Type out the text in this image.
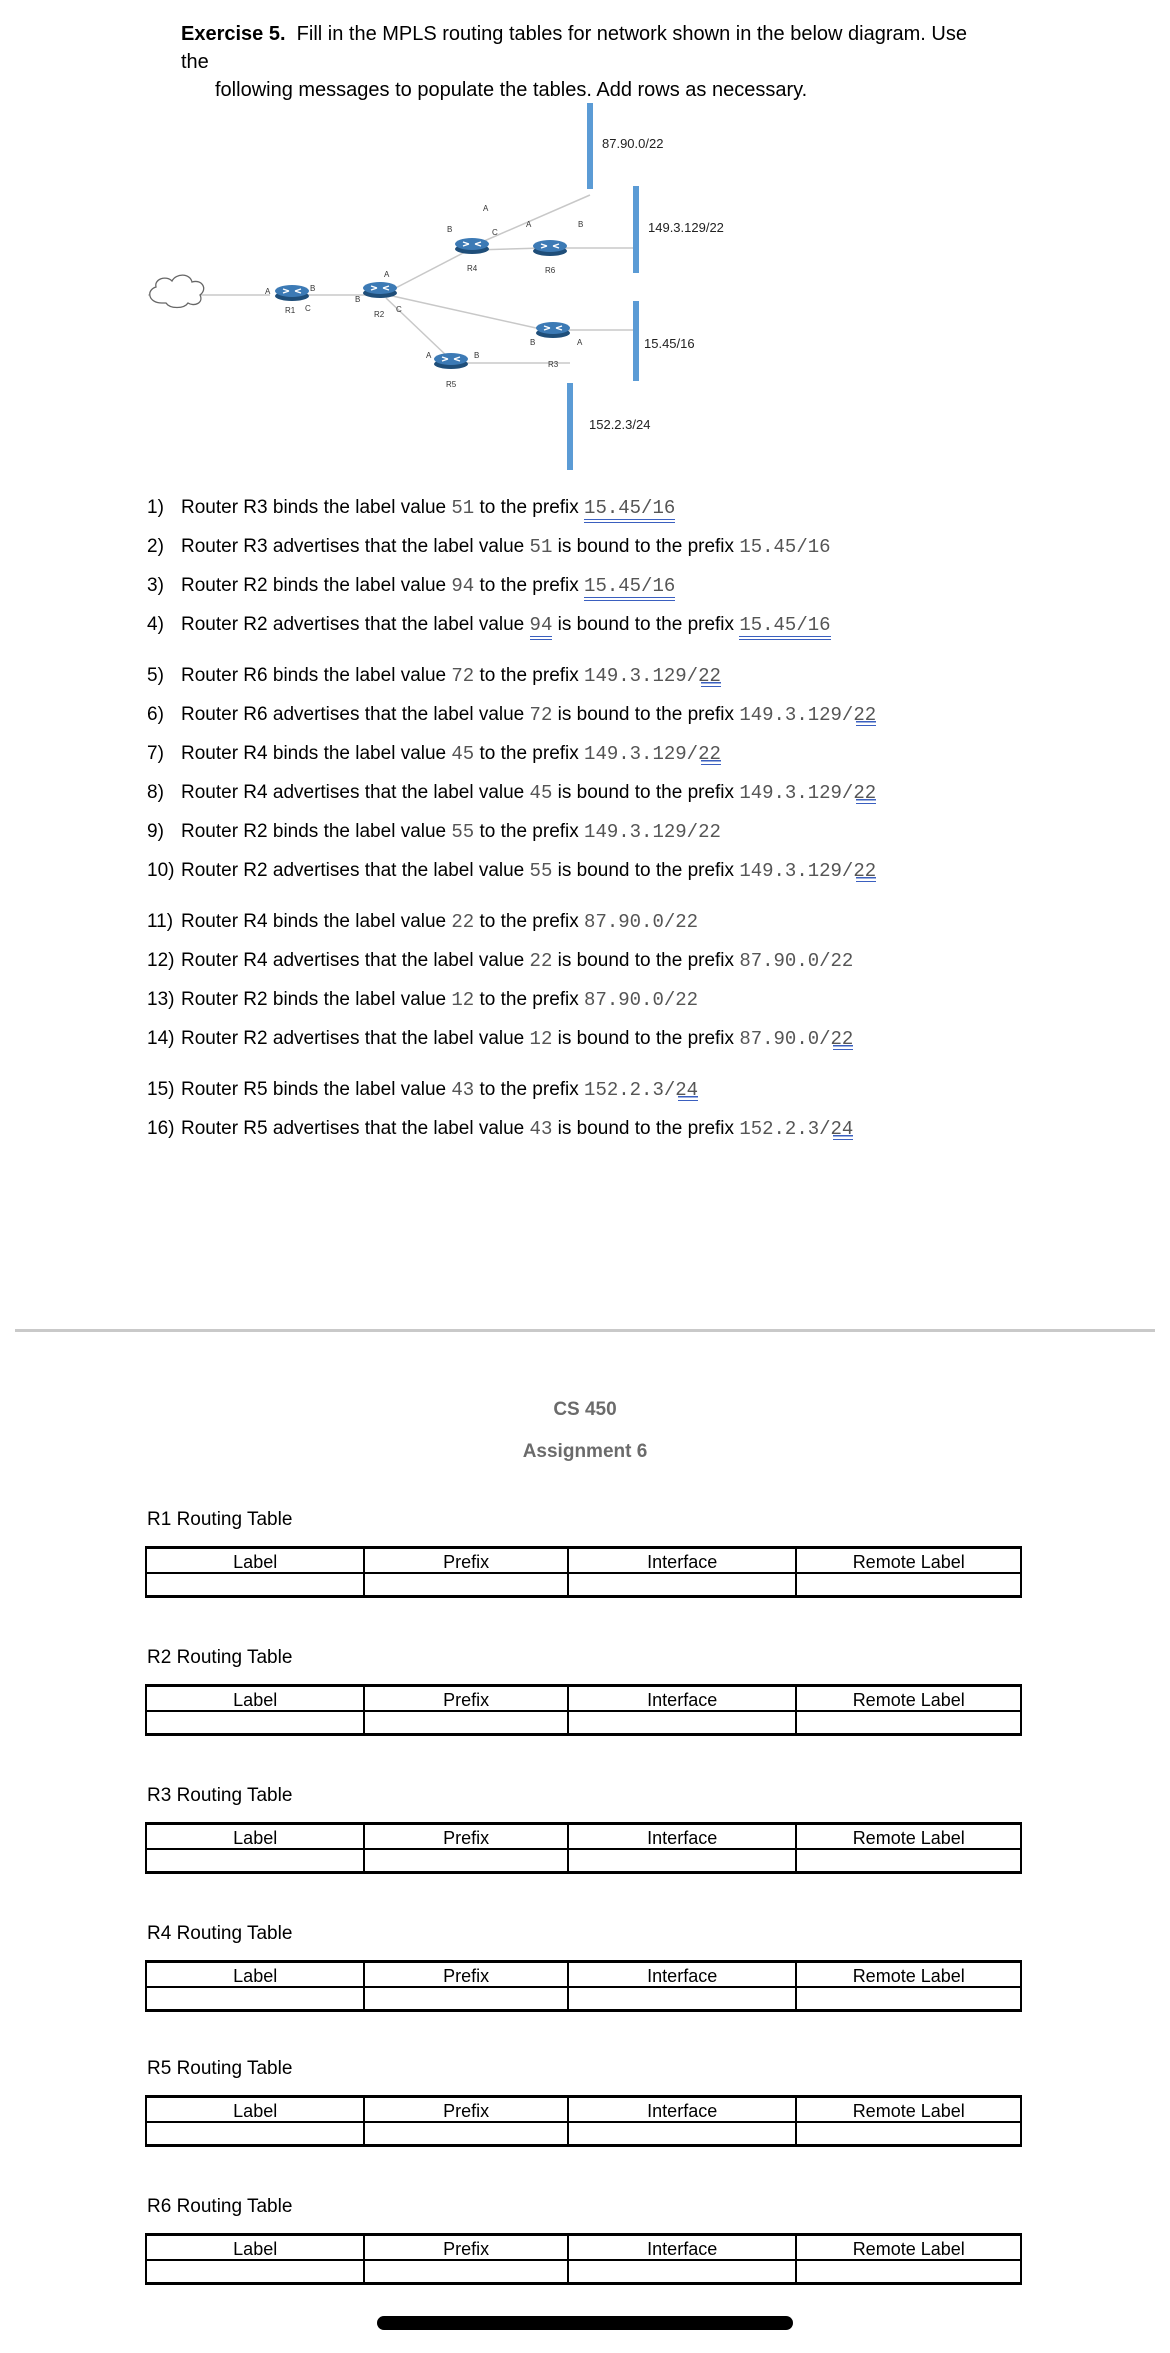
Exercise 5. Fill in the MPLS routing tables for network shown in the below diagram. Use the
following messages to populate the tables. Add rows as necessary.
87.90.0/22
149.3.129/22
15.45/16
152.2.3/24
A	B
C
R1
A
B
C
R2
A
B	C
R4
A	B
R6
A
B
R3
A	B
R5
1) Router R3 binds the label value 51 to the prefix 15.45/16
2) Router R3 advertises that the label value 51 is bound to the prefix 15.45/16
3) Router R2 binds the label value 94 to the prefix 15.45/16
4) Router R2 advertises that the label value 94 is bound to the prefix 15.45/16
5) Router R6 binds the label value 72 to the prefix 149.3.129/22
6) Router R6 advertises that the label value 72 is bound to the prefix 149.3.129/22
7) Router R4 binds the label value 45 to the prefix 149.3.129/22
8) Router R4 advertises that the label value 45 is bound to the prefix 149.3.129/22
9) Router R2 binds the label value 55 to the prefix 149.3.129/22
10) Router R2 advertises that the label value 55 is bound to the prefix 149.3.129/22
11) Router R4 binds the label value 22 to the prefix 87.90.0/22
12) Router R4 advertises that the label value 22 is bound to the prefix 87.90.0/22
13) Router R2 binds the label value 12 to the prefix 87.90.0/22
14) Router R2 advertises that the label value 12 is bound to the prefix 87.90.0/22
15) Router R5 binds the label value 43 to the prefix 152.2.3/24
16) Router R5 advertises that the label value 43 is bound to the prefix 152.2.3/24
CS 450
Assignment 6
R1 Routing Table
Label	Prefix	Interface	Remote Label

R2 Routing Table
Label	Prefix	Interface	Remote Label

R3 Routing Table
Label	Prefix	Interface	Remote Label

R4 Routing Table
Label	Prefix	Interface	Remote Label

R5 Routing Table
Label	Prefix	Interface	Remote Label

R6 Routing Table
Label	Prefix	Interface	Remote Label
